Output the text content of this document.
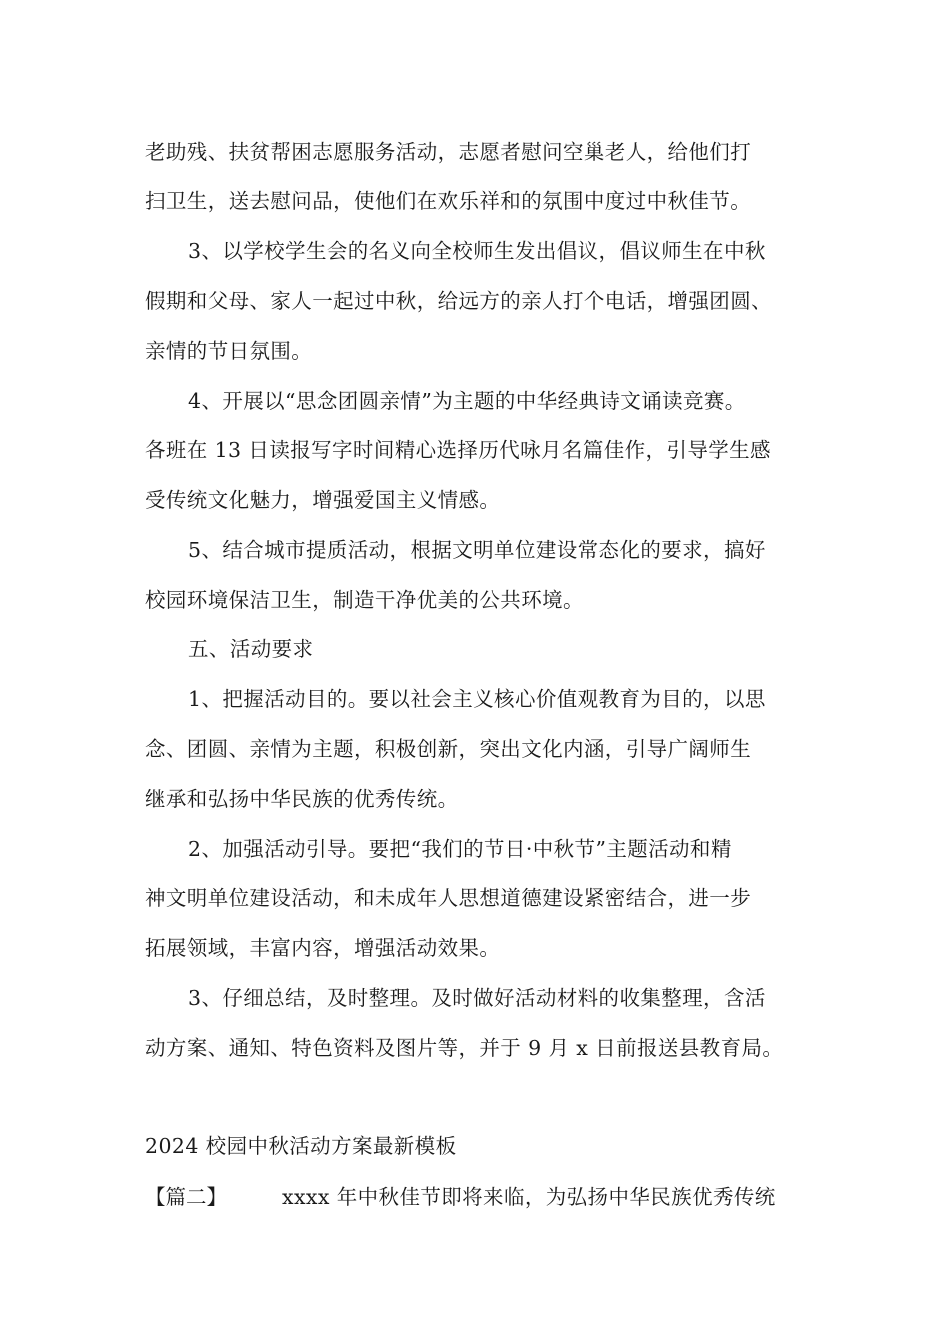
老助残、扶贫帮困志愿服务活动，志愿者慰问空巢老人，给他们打
扫卫生，送去慰问品，使他们在欢乐祥和的氛围中度过中秋佳节。
3、以学校学生会的名义向全校师生发出倡议，倡议师生在中秋
假期和父母、家人一起过中秋，给远方的亲人打个电话，增强团圆、
亲情的节日氛围。
4、开展以“思念团圆亲情”为主题的中华经典诗文诵读竞赛。
各班在 13 日读报写字时间精心选择历代咏月名篇佳作，引导学生感
受传统文化魅力，增强爱国主义情感。
5、结合城市提质活动，根据文明单位建设常态化的要求，搞好
校园环境保洁卫生，制造干净优美的公共环境。
五、活动要求
1、把握活动目的。要以社会主义核心价值观教育为目的，以思
念、团圆、亲情为主题，积极创新，突出文化内涵，引导广阔师生
继承和弘扬中华民族的优秀传统。
2、加强活动引导。要把“我们的节日·中秋节”主题活动和精
神文明单位建设活动，和未成年人思想道德建设紧密结合，进一步
拓展领域，丰富内容，增强活动效果。
3、仔细总结，及时整理。及时做好活动材料的收集整理，含活
动方案、通知、特色资料及图片等，并于 9 月 x 日前报送县教育局。
2024 校园中秋活动方案最新模板
【篇二】	xxxx 年中秋佳节即将来临，为弘扬中华民族优秀传统
